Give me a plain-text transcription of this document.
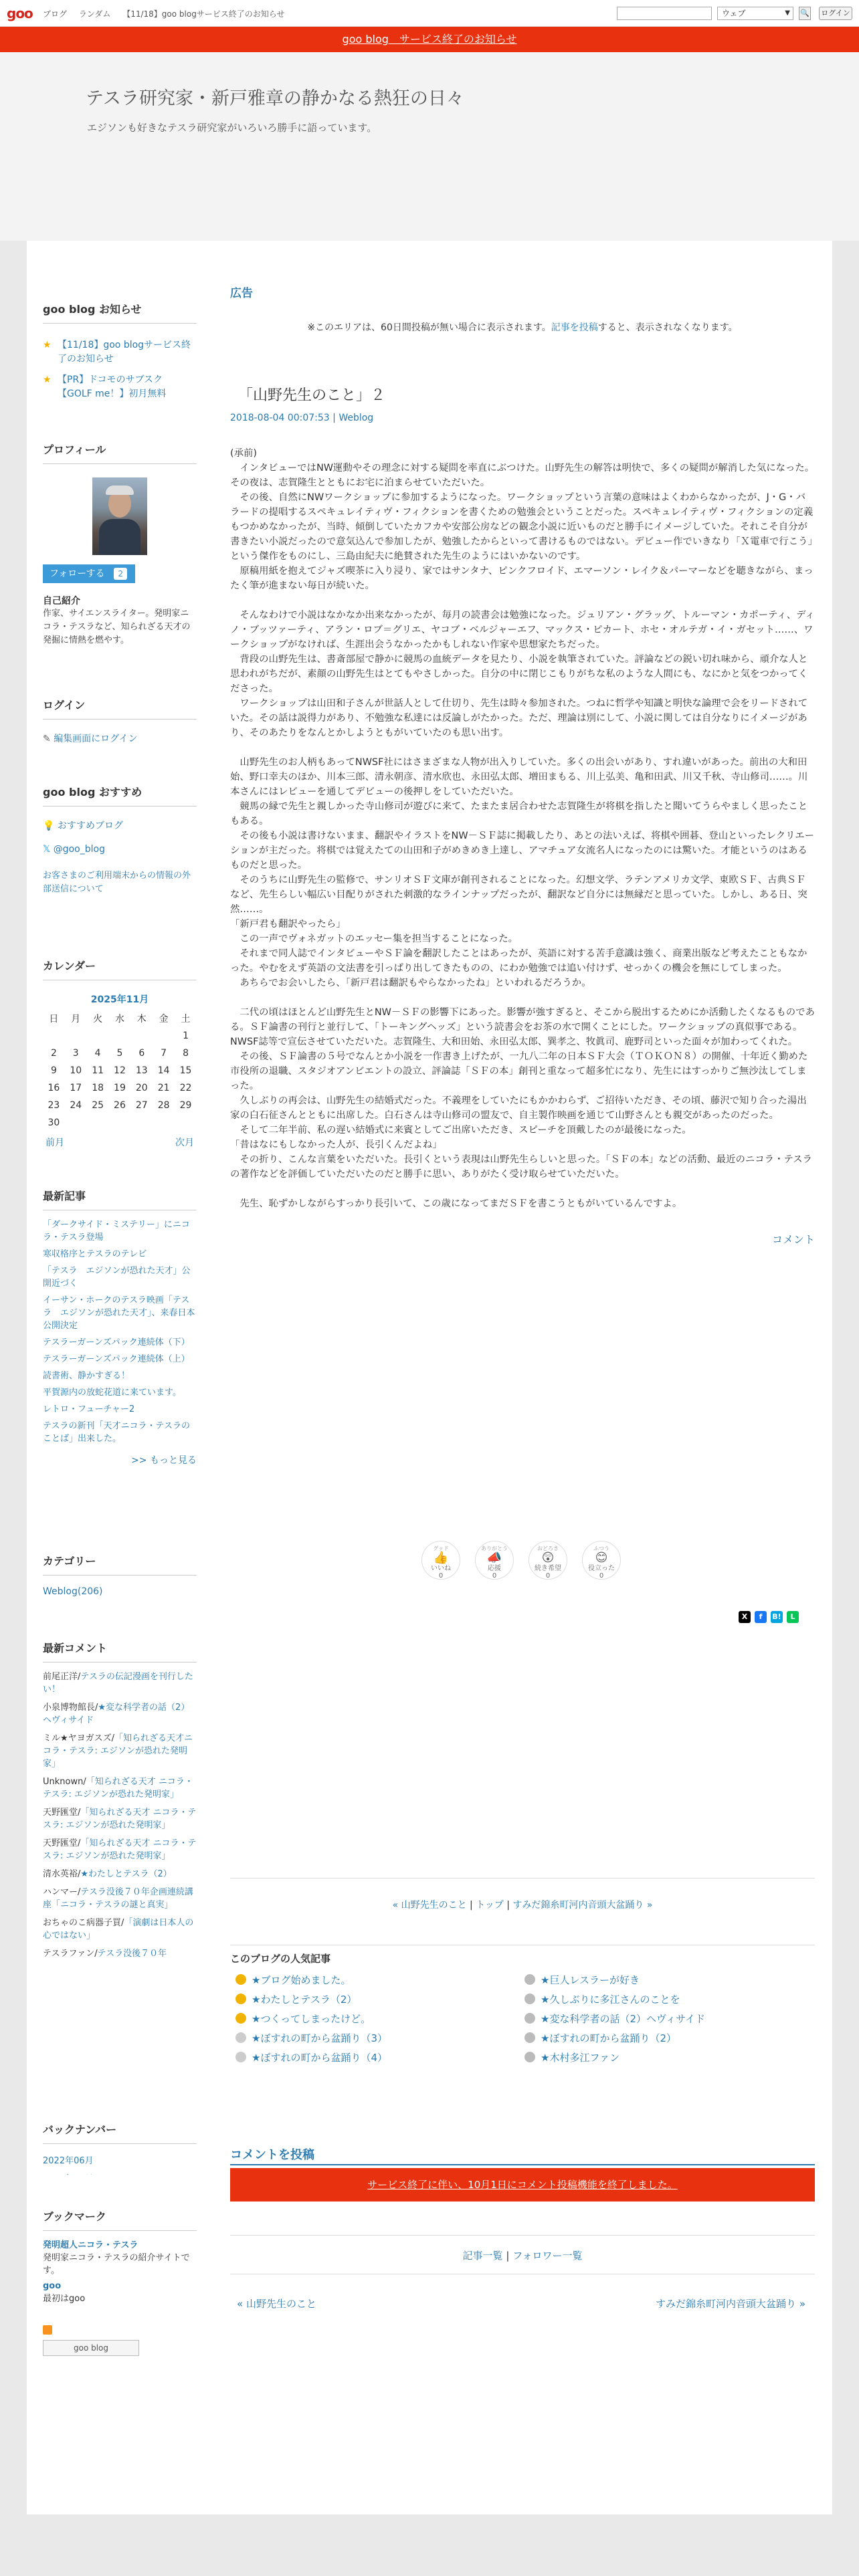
goo ブログ ランダム 【11/18】goo blogサービス終了のお知らせ	ウェブ	▼ 🔍 ログイン
goo blog　サービス終了のお知らせ
テスラ研究家・新戸雅章の静かなる熱狂の日々
エジソンも好きなテスラ研究家がいろいろ勝手に語っています。
goo blog お知らせ
★ 【11/18】goo blogサービス終了のお知らせ
★ 【PR】ドコモのサブスク【GOLF me！】初月無料
プロフィール
フォローする	2
自己紹介
作家、サイエンスライター。発明家ニコラ・テスラなど、知られざる天才の発掘に情熱を燃やす。
ログイン
✎ 編集画面にログイン
goo blog おすすめ
💡 おすすめブログ
𝕏 @goo_blog
お客さまのご利用端末からの情報の外部送信について
カレンダー
2025年11月
日	月	火	水	木	金	土
						1
2	3	4	5	6	7	8
9	10	11	12	13	14	15
16	17	18	19	20	21	22
23	24	25	26	27	28	29
30						
前月	次月
最新記事
「ダークサイド・ミステリー」にニコラ・テスラ登場
寒収格序とテスラのテレビ
「テスラ　エジソンが恐れた天才」公開近づく
イーサン・ホークのテスラ映画「テスラ　エジソンが恐れた天才」、来春日本公開決定
テスラーガーンズパック連続体（下）
テスラーガーンズパック連続体（上）
読書術、静かすぎる！
平賀源内の放蛇花道に来ています。
レトロ・フューチャー2
テスラの新刊「天才ニコラ・テスラのことば」出来した。
>> もっと見る
カテゴリー
Weblog(206)
最新コメント
前尾正洋/テスラの伝記漫画を刊行したい！
小泉博物館長/★変な科学者の話（2）ヘヴィサイド
ミル★ヤヨガスズ/「知られざる天才ニコラ・テスラ: エジソンが恐れた発明家」
Unknown/「知られざる天才 ニコラ・テスラ: エジソンが恐れた発明家」
天野匯堂/「知られざる天才 ニコラ・テスラ: エジソンが恐れた発明家」
天野匯堂/「知られざる天才 ニコラ・テスラ: エジソンが恐れた発明家」
清水英裕/★わたしとテスラ（2）
ハンマー/テスラ没後７０年企画連続講座「ニコラ・テスラの謎と真実」
おちゃのこ病器子買/「演劇は日本人の心ではない」
テスラファン/テスラ没後７０年
バックナンバー
2022年06月
ブックマーク
発明超人ニコラ・テスラ
発明家ニコラ・テスラの紹介サイトです。
goo
最初はgoo
goo blog
広告
※このエリアは、60日間投稿が無い場合に表示されます。記事を投稿すると、表示されなくなります。
「山野先生のこと」２
2018-08-04 00:07:53 | Weblog
(承前)
　インタビューではNW運動やその理念に対する疑問を率直にぶつけた。山野先生の解答は明快で、多くの疑問が解消した気になった。その夜は、志賀隆生とともにお宅に泊まらせていただいた。
　その後、自然にNWワークショップに参加するようになった。ワークショップという言葉の意味はよくわからなかったが、J・G・バラードの提唱するスペキュレイティヴ・フィクションを書くための勉強会ということだった。スペキュレイティヴ・フィクションの定義もつかめなかったが、当時、傾倒していたカフカや安部公房などの観念小説に近いものだと勝手にイメージしていた。それこそ自分が書きたい小説だったので意気込んで参加したが、勉強したからといって書けるものではない。デビュー作でいきなり「Ｘ電車で行こう」という傑作をものにし、三島由紀夫に絶賛された先生のようにはいかないのです。
　原稿用紙を抱えてジャズ喫茶に入り浸り、家ではサンタナ、ピンクフロイド、エマーソン・レイク＆パーマーなどを聴きながら、まったく筆が進まない毎日が続いた。
　そんなわけで小説はなかなか出来なかったが、毎月の読書会は勉強になった。ジュリアン・グラッグ、トルーマン・カポーティ、ディノ・ブッツァーティ、アラン・ロブ＝グリエ、ヤコブ・ベルジャーエフ、マックス・ピカート、ホセ・オルテガ・イ・ガセット……、ワークショップがなければ、生涯出会うなかったかもしれない作家や思想家たちだった。
　背段の山野先生は、書斎部屋で静かに競馬の血統データを見たり、小説を執筆されていた。評論などの鋭い切れ味から、頑介な人と思われがちだが、素顔の山野先生はとてもやさしかった。自分の中に閉じこもりがちな私のような人間にも、なにかと気をつかってくださった。
　ワークショップは山田和子さんが世話人として仕切り、先生は時々参加された。つねに哲学や知識と明快な論理で会をリードされていた。その話は説得力があり、不勉強な私達には反論しがたかった。ただ、理論は別にして、小説に関しては自分なりにイメージがあり、そのあたりをなんとかしようともがいていたのも思い出す。
　山野先生のお人柄もあってNWSF社にはさまざまな人物が出入りしていた。多くの出会いがあり、すれ違いがあった。前出の大和田始、野口幸夫のほか、川本三郎、清永朝彦、清水欣也、永田弘太郎、増田まもる、川上弘美、亀和田武、川又千秋、寺山修司……。川本さんにはレビューを通してデビューの後押しをしていただいた。
　競馬の縁で先生と親しかった寺山修司が遊びに来て、たまたま居合わせた志賀隆生が将棋を指したと聞いてうらやましく思ったこともある。
　その後も小説は書けないまま、翻訳やイラストをNW－ＳＦ誌に掲載したり、あとの法いえば、将棋や囲碁、登山といったレクリエーションが主だった。将棋では覚えたての山田和子がめきめき上達し、アマチュア女流名人になったのには驚いた。才能というのはあるものだと思った。
　そのうちに山野先生の監修で、サンリオＳＦ文庫が創刊されることになった。幻想文学、ラテンアメリカ文学、東欧ＳＦ、古典ＳＦなど、先生らしい幅広い目配りがされた刺激的なラインナップだったが、翻訳など自分には無縁だと思っていた。しかし、ある日、突然……。
「新戸君も翻訳やったら」
　この一声でヴォネガットのエッセー集を担当することになった。
　それまで同人誌でインタビューやＳＦ論を翻訳したことはあったが、英語に対する苦手意識は強く、商業出版など考えたこともなかった。やむをえず英語の文法書を引っぱり出してきたものの、にわか勉強では追い付けず、せっかくの機会を無にしてしまった。
　あちらでお会いしたら、「新戸君は翻訳もやらなかったね」といわれるだろうか。
　二代の頃はほとんど山野先生とNW－ＳＦの影響下にあった。影響が強すぎると、そこから脱出するためにか活動したくなるものである。ＳＦ論書の刊行と並行して、「トーキングヘッズ」という読書会をお茶の水で開くことにした。ワークショップの真似事である。NWSF誌等で宣伝させていただいた。志賀隆生、大和田始、永田弘太郎、巽孝之、牧眞司、鹿野司といった面々が加わってくれた。
　その後、ＳＦ論書の５号でなんとか小説を一作書き上げたが、一九八二年の日本ＳＦ大会（ＴＯＫＯＮ８）の開催、十年近く勤めた市役所の退職、スタジオアンビエントの設立、評論誌「ＳＦの本」創刊と重なって超多忙になり、先生にはすっかりご無沙汰してしまった。
　久しぶりの再会は、山野先生の結婚式だった。不義理をしていたにもかかわらず、ご招待いただき、その頃、藤沢で知り合った湯出家の白石征さんとともに出席した。白石さんは寺山修司の盟友で、自主製作映画を通じて山野さんとも親交があったのだった。
　そして二年半前、私の遅い結婚式に来賓としてご出席いただき、スピーチを頂戴したのが最後になった。
「昔はなにもしなかった人が、長引くんだよね」
　その折り、こんな言葉をいただいた。長引くという表現は山野先生らしいと思った。「ＳＦの本」などの活動、最近のニコラ・テスラの著作などを評価していただいたのだと勝手に思い、ありがたく受け取らせていただいた。
　先生、恥ずかしながらすっかり長引いて、この歳になってまだＳＦを書こうともがいているんですよ。
コメント
グッド
👍
いいね
0
ありがとう
📣
応援
0
おどろき
😲
続き希望
0
ふつう
😊
役立った
0
X f B! L
« 山野先生のこと | トップ | すみだ錦糸町河内音頭大盆踊り »
このブログの人気記事
★ブログ始めました。	★巨人レスラーが好き
★わたしとテスラ（2）	★久しぶりに多江さんのことを
★つくってしまったけど。	★変な科学者の話（2）ヘヴィサイド
★ぼすれの町から盆踊り（3）	★ぼすれの町から盆踊り（2）
★ぼすれの町から盆踊り（4）	★木村多江ファン
コメントを投稿
サービス終了に伴い、10月1日にコメント投稿機能を終了しました。
記事一覧 | フォロワー一覧
« 山野先生のこと	すみだ錦糸町河内音頭大盆踊り »
